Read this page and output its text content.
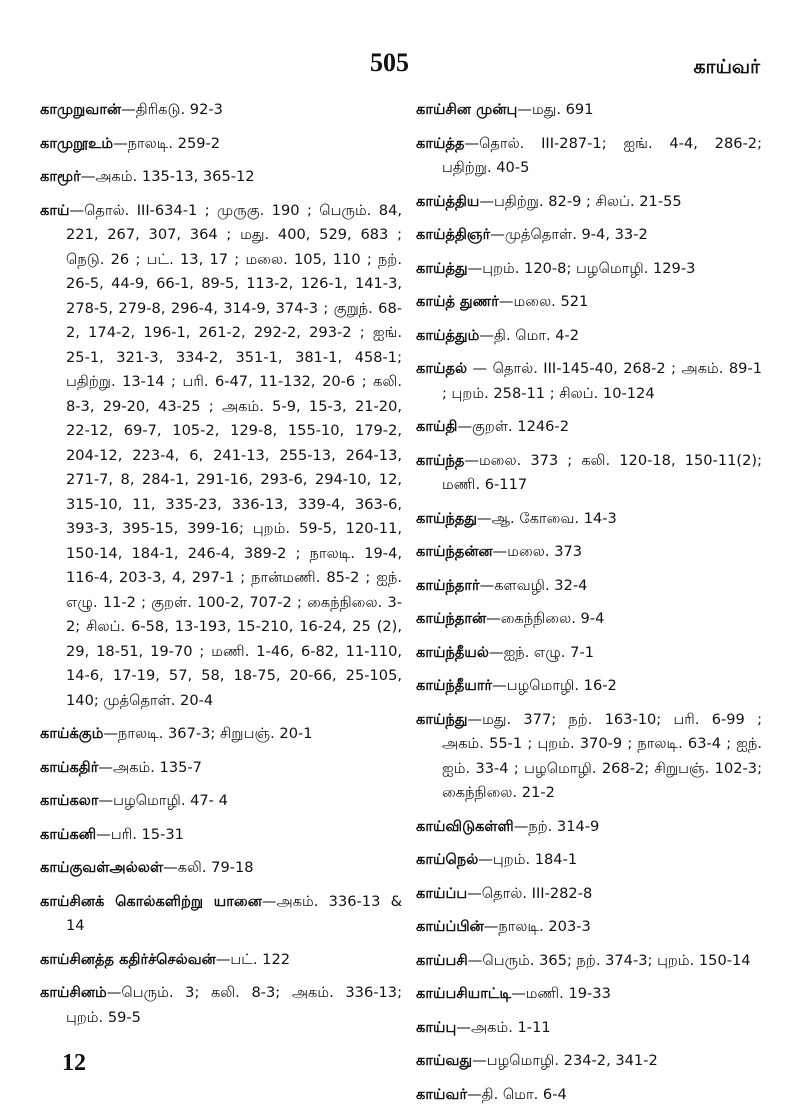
505	காய்வர்
காமுறுவான்—திரிகடு. 92-3
காமுறூஉம்—நாலடி. 259-2
காமூர்—அகம். 135-13, 365-12
காய்—தொல். III-634-1 ; முருகு. 190 ; பெரும். 84, 221, 267, 307, 364 ; மது. 400, 529, 683 ; நெடு. 26 ; பட். 13, 17 ; மலை. 105, 110 ; நற். 26-5, 44-9, 66-1, 89-5, 113-2, 126-1, 141-3, 278-5, 279-8, 296-4, 314-9, 374-3 ; குறுந். 68-2, 174-2, 196-1, 261-2, 292-2, 293-2 ; ஐங். 25-1, 321-3, 334-2, 351-1, 381-1, 458-1; பதிற்று. 13-14 ; பரி. 6-47, 11-132, 20-6 ; கலி. 8-3, 29-20, 43-25 ; அகம். 5-9, 15-3, 21-20, 22-12, 69-7, 105-2, 129-8, 155-10, 179-2, 204-12, 223-4, 6, 241-13, 255-13, 264-13, 271-7, 8, 284-1, 291-16, 293-6, 294-10, 12, 315-10, 11, 335-23, 336-13, 339-4, 363-6, 393-3, 395-15, 399-16; புறம். 59-5, 120-11, 150-14, 184-1, 246-4, 389-2 ; நாலடி. 19-4, 116-4, 203-3, 4, 297-1 ; நான்மணி. 85-2 ; ஐந். எழு. 11-2 ; குறள். 100-2, 707-2 ; கைந்நிலை. 3-2; சிலப். 6-58, 13-193, 15-210, 16-24, 25 (2), 29, 18-51, 19-70 ; மணி. 1-46, 6-82, 11-110, 14-6, 17-19, 57, 58, 18-75, 20-66, 25-105, 140; முத்தொள். 20-4
காய்க்கும்—நாலடி. 367-3; சிறுபஞ். 20-1
காய்கதிர்—அகம். 135-7
காய்கலா—பழமொழி. 47- 4
காய்கனி—பரி. 15-31
காய்குவள்அல்லள்—கலி. 79-18
காய்சினக் கொல்களிற்று யானை—அகம். 336-13 & 14
காய்சினத்த கதிர்ச்செல்வன்—பட். 122
காய்சினம்—பெரும். 3; கலி. 8-3; அகம். 336-13; புறம். 59-5
காய்சின முன்பு—மது. 691
காய்த்த—தொல். III-287-1; ஐங். 4-4, 286-2; பதிற்று. 40-5
காய்த்திய—பதிற்று. 82-9 ; சிலப். 21-55
காய்த்திஞர்—முத்தொள். 9-4, 33-2
காய்த்து—புறம். 120-8; பழமொழி. 129-3
காய்த் துணர்—மலை. 521
காய்த்தும்—தி. மொ. 4-2
காய்தல் — தொல். III-145-40, 268-2 ; அகம். 89-1 ; புறம். 258-11 ; சிலப். 10-124
காய்தி—குறள். 1246-2
காய்ந்த—மலை. 373 ; கலி. 120-18, 150-11(2); மணி. 6-117
காய்ந்தது—ஆ. கோவை. 14-3
காய்ந்தன்ன—மலை. 373
காய்ந்தார்—களவழி. 32-4
காய்ந்தான்—கைந்நிலை. 9-4
காய்ந்தீயல்—ஐந். எழு. 7-1
காய்ந்தீயார்—பழமொழி. 16-2
காய்ந்து—மது. 377; நற். 163-10; பரி. 6-99 ; அகம். 55-1 ; புறம். 370-9 ; நாலடி. 63-4 ; ஐந். ஐம். 33-4 ; பழமொழி. 268-2; சிறுபஞ். 102-3; கைந்நிலை. 21-2
காய்விடுகள்ளி—நற். 314-9
காய்நெல்—புறம். 184-1
காய்ப்ப—தொல். III-282-8
காய்ப்பின்—நாலடி. 203-3
காய்பசி—பெரும். 365; நற். 374-3; புறம். 150-14
காய்பசியாட்டி—மணி. 19-33
காய்பு—அகம். 1-11
காய்வது—பழமொழி. 234-2, 341-2
காய்வர்—தி. மொ. 6-4
12
